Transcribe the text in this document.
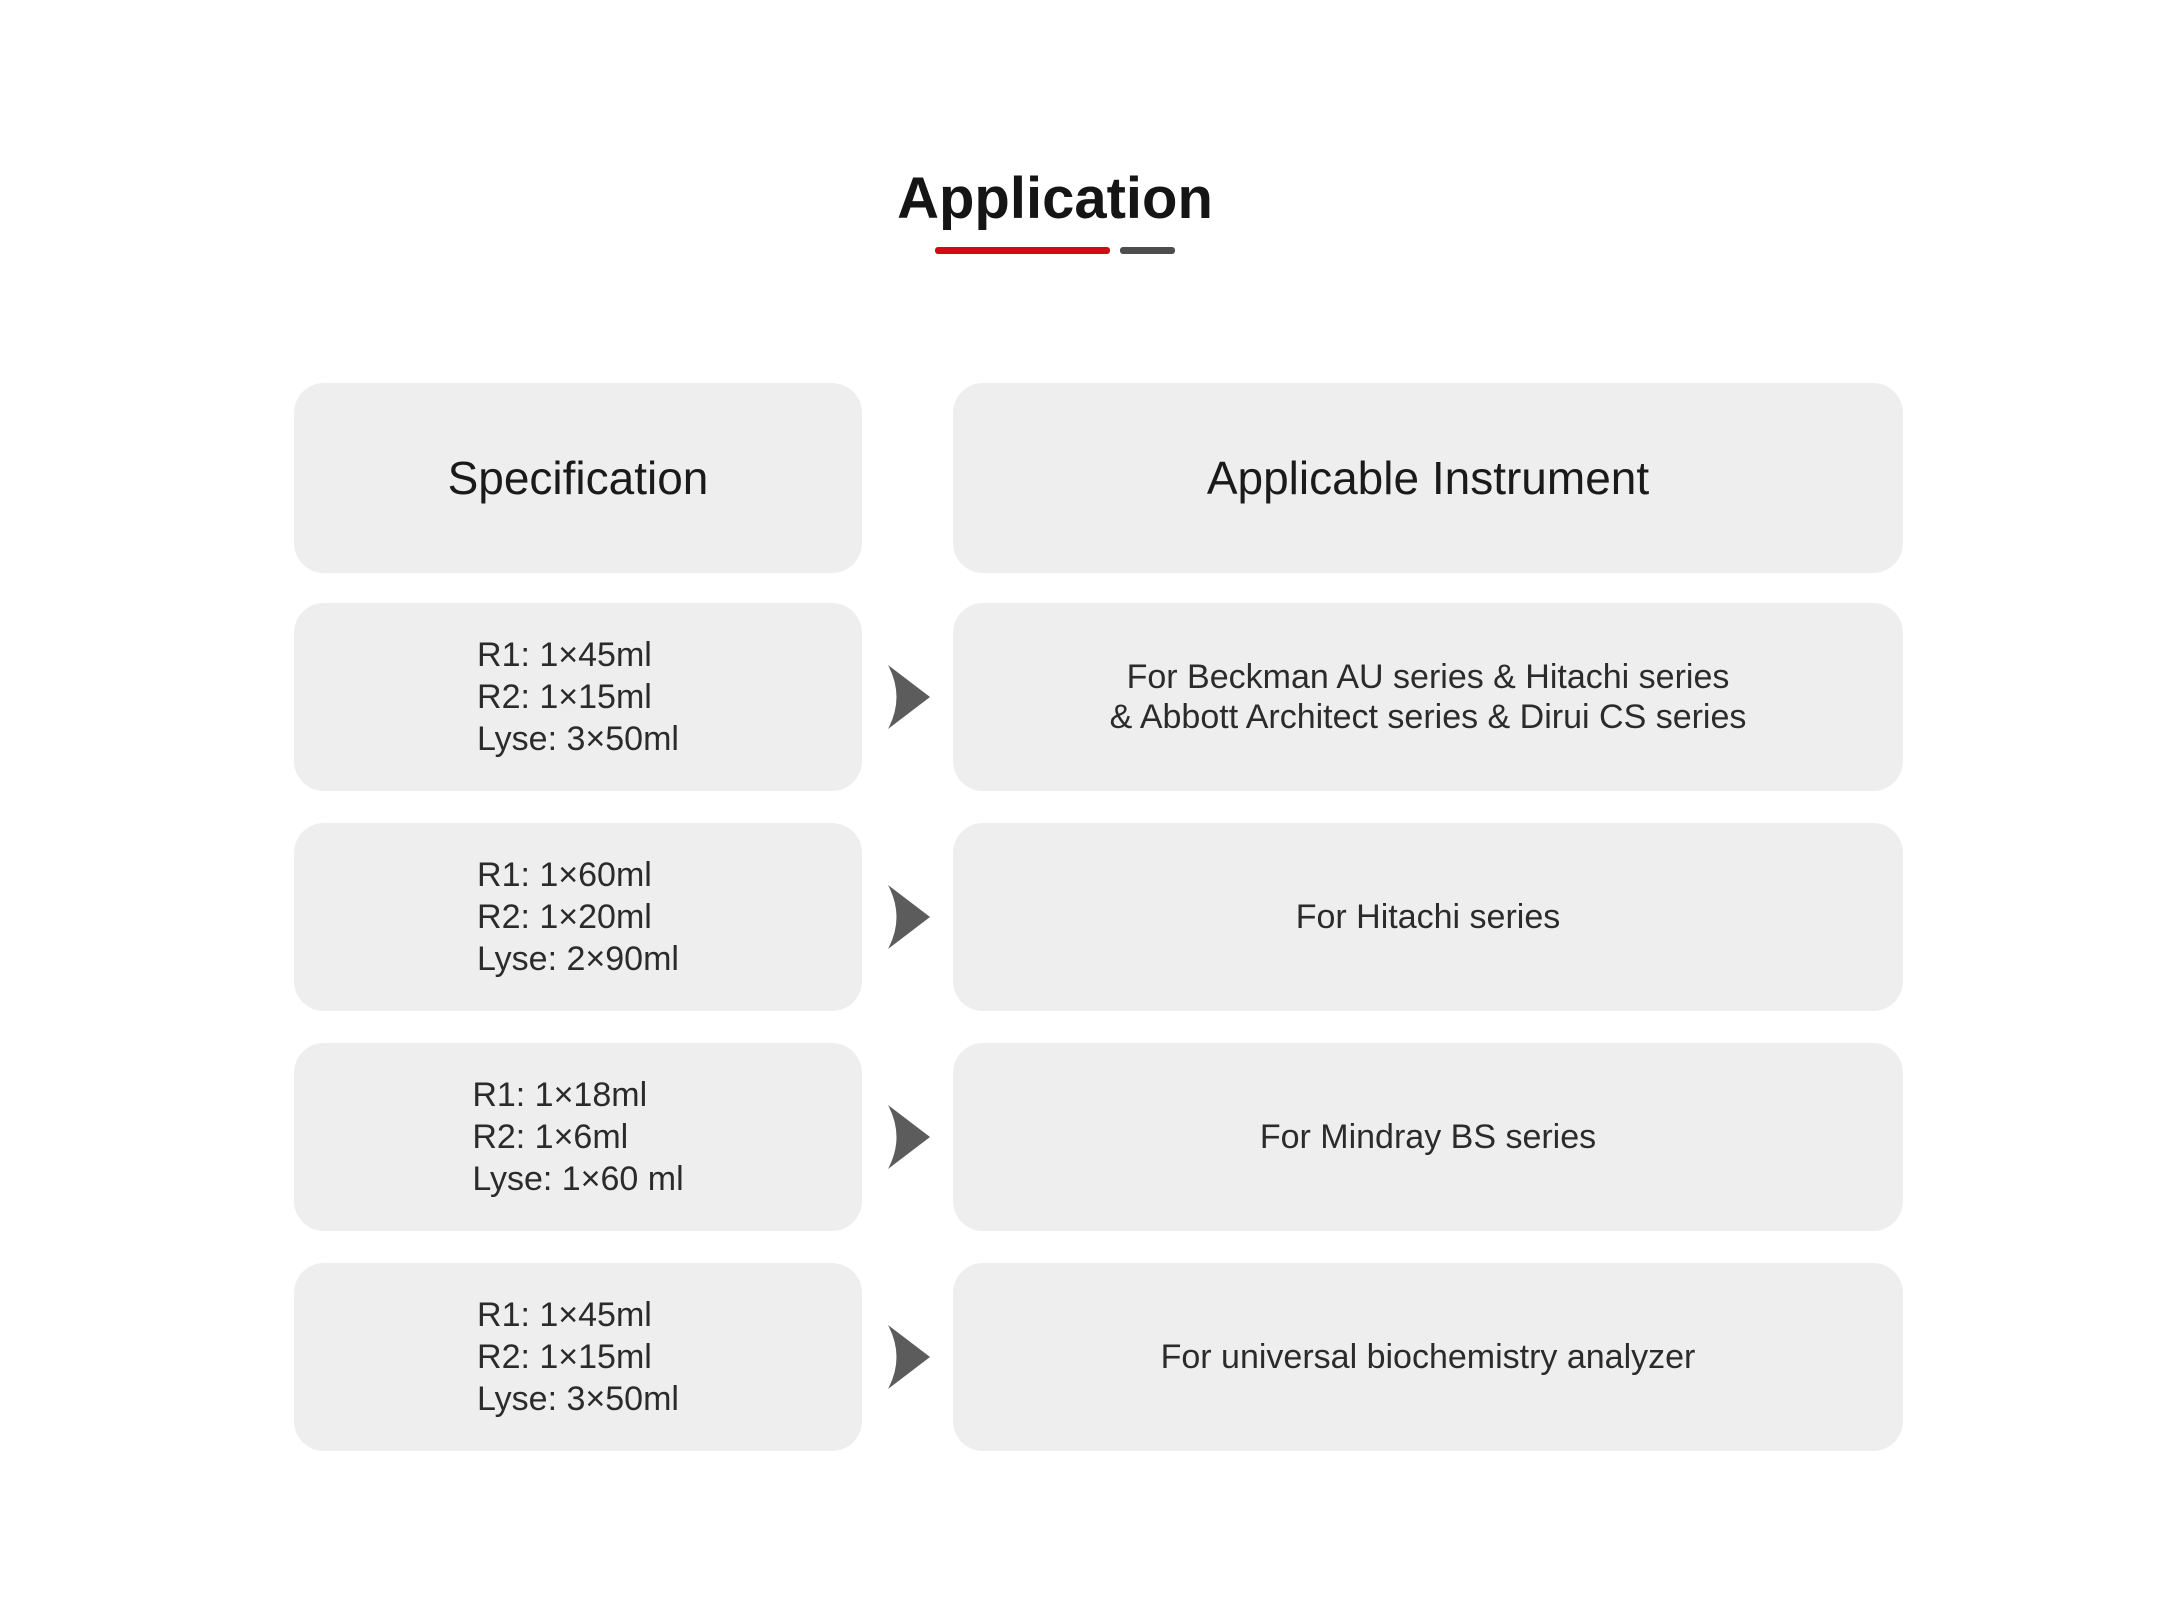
Application
Specification	Applicable Instrument
R1: 1×45ml
R2: 1×15ml
Lyse: 3×50ml
For Beckman AU series & Hitachi series
& Abbott Architect series & Dirui CS series
R1: 1×60ml
R2: 1×20ml
Lyse: 2×90ml
For Hitachi series
R1: 1×18ml
R2: 1×6ml
Lyse: 1×60 ml
For Mindray BS series
R1: 1×45ml
R2: 1×15ml
Lyse: 3×50ml
For universal biochemistry analyzer
